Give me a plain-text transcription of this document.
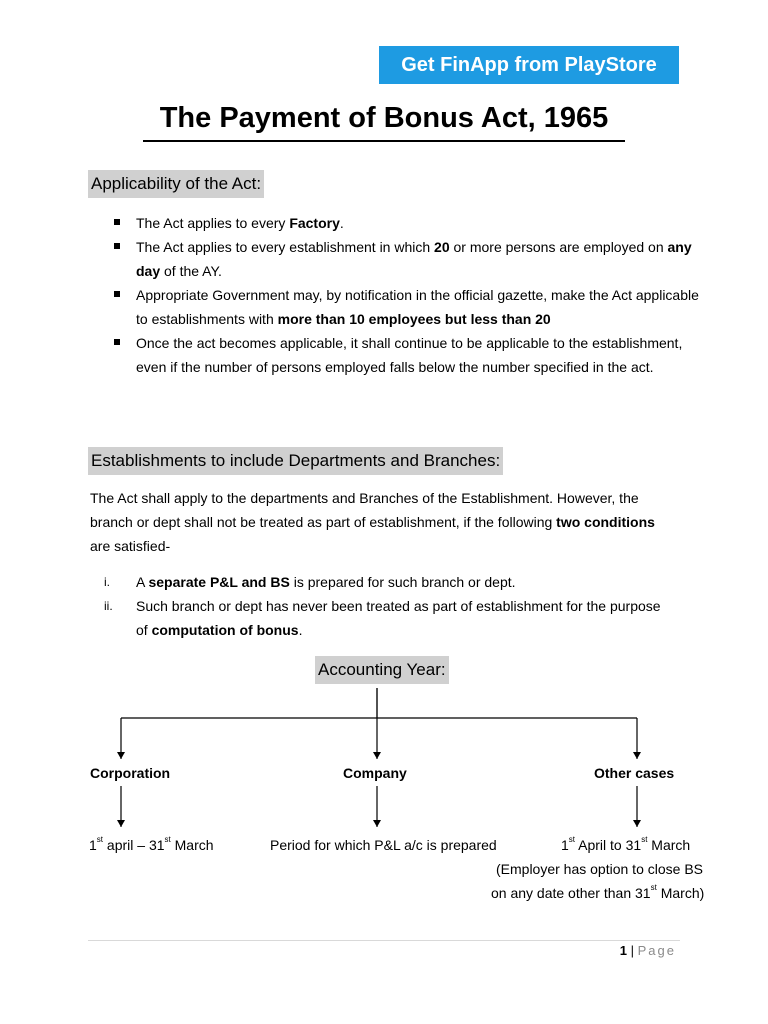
Get FinApp from PlayStore
The Payment of Bonus Act, 1965
Applicability of the Act:
The Act applies to every Factory.
The Act applies to every establishment in which 20 or more persons are employed on any day of the AY.
Appropriate Government may, by notification in the official gazette, make the Act applicable to establishments with more than 10 employees but less than 20
Once the act becomes applicable, it shall continue to be applicable to the establishment, even if the number of persons employed falls below the number specified in the act.
Establishments to include Departments and Branches:
The Act shall apply to the departments and Branches of the Establishment. However, the branch or dept shall not be treated as part of establishment, if the following two conditions are satisfied-
i. A separate P&L and BS is prepared for such branch or dept.
ii. Such branch or dept has never been treated as part of establishment for the purpose of computation of bonus.
Accounting Year:
Corporation	Company	Other cases
1st april – 31st March	Period for which P&L a/c is prepared	1st April to 31st March
(Employer has option to close BS
on any date other than 31st March)
1 | Page
